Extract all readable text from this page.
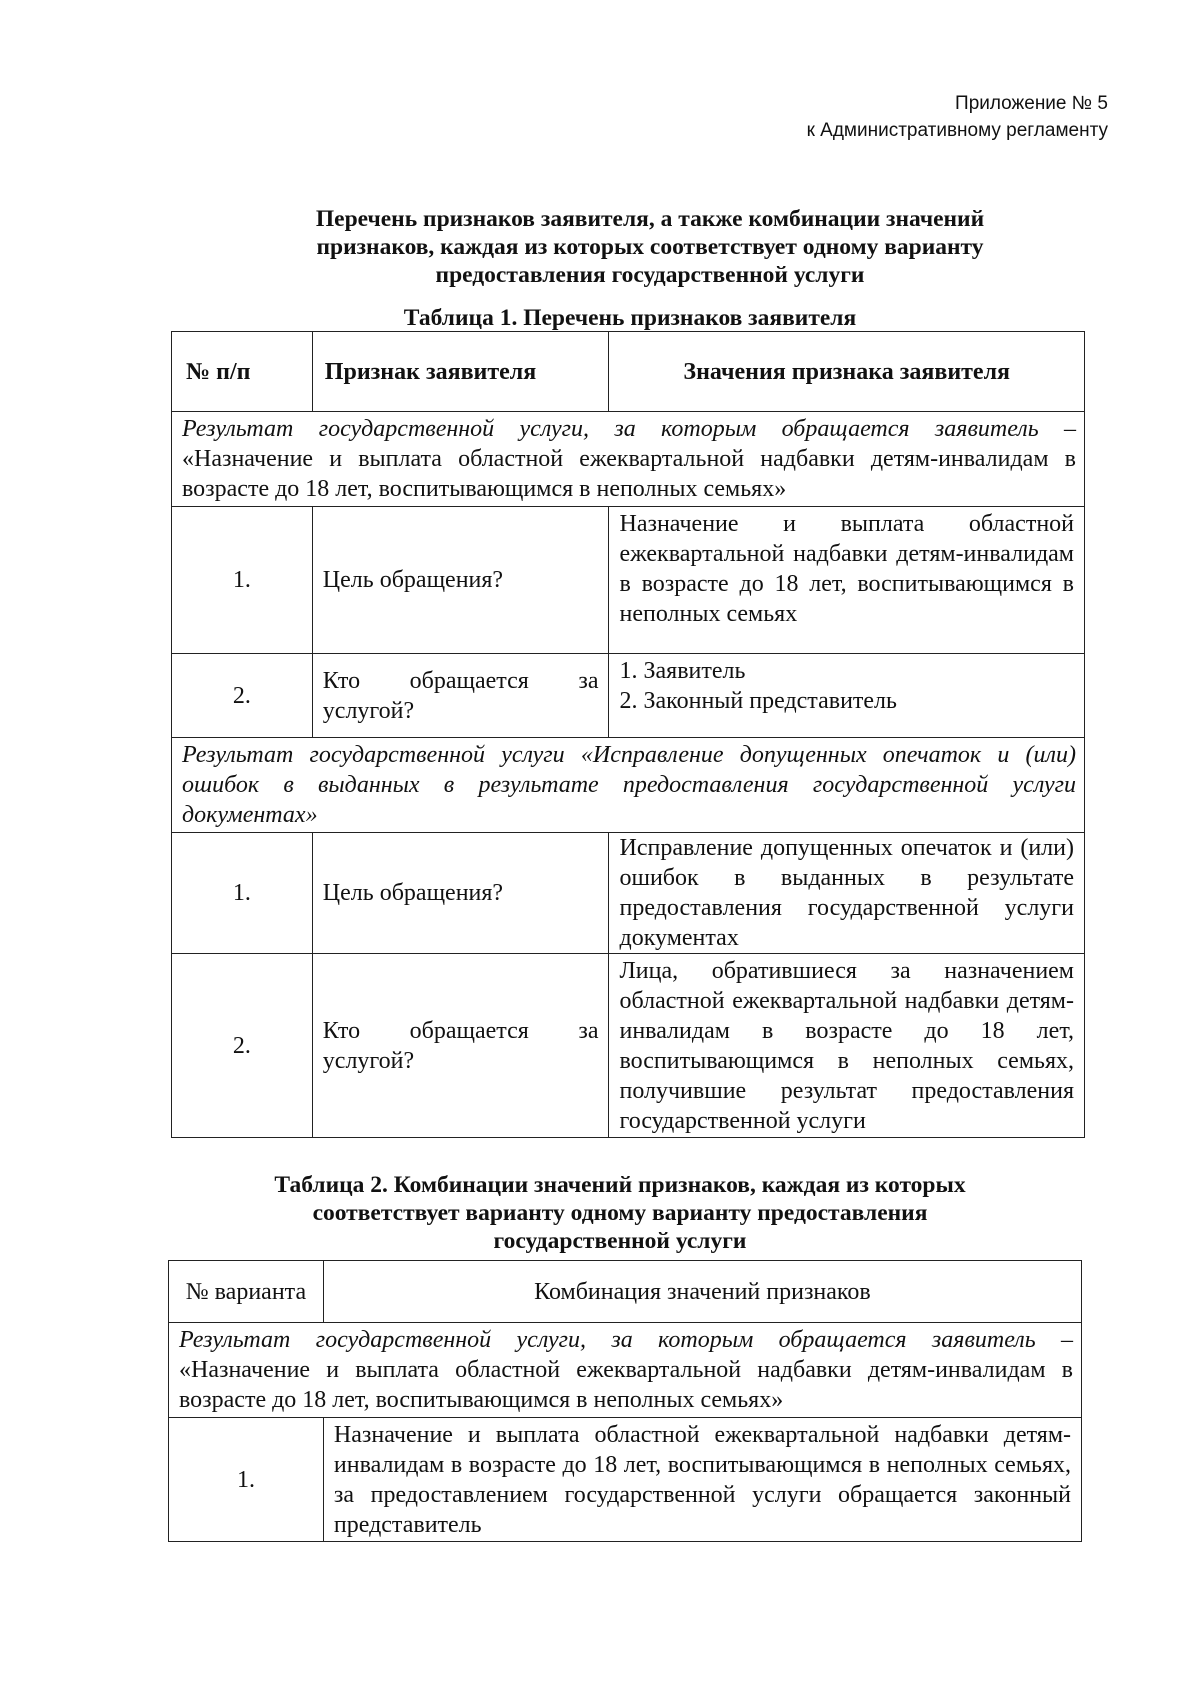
Приложение № 5
к Административному регламенту
Перечень признаков заявителя, а также комбинации значений
признаков, каждая из которых соответствует одному варианту
предоставления государственной услуги
Таблица 1. Перечень признаков заявителя
№ п/п	Признак заявителя	Значения признака заявителя
Результат государственной услуги, за которым обращается заявитель – «Назначение и выплата областной ежеквартальной надбавки детям-инвалидам в возрасте до 18 лет, воспитывающимся в неполных семьях»		
1.	Цель обращения?	Назначение и выплата областной ежеквартальной надбавки детям-инвалидам в возрасте до 18 лет, воспитывающимся в неполных семьях
2.	Кто обращается за услугой?	1. Заявитель
2. Законный представитель

Результат государственной услуги «Исправление допущенных опечаток и (или) ошибок в выданных в результате предоставления государственной услуги документах»		
1.	Цель обращения?	Исправление допущенных опечаток и (или) ошибок в выданных в результате предоставления государственной услуги документах
2.	Кто обращается за услугой?	Лица, обратившиеся за назначением областной ежеквартальной надбавки детям-инвалидам в возрасте до 18 лет, воспитывающимся в неполных семьях, получившие результат предоставления государственной услуги
Таблица 2. Комбинации значений признаков, каждая из которых
соответствует варианту одному варианту предоставления
государственной услуги
№ варианта	Комбинация значений признаков
Результат государственной услуги, за которым обращается заявитель – «Назначение и выплата областной ежеквартальной надбавки детям-инвалидам в возрасте до 18 лет, воспитывающимся в неполных семьях»	
1.	Назначение и выплата областной ежеквартальной надбавки детям-инвалидам в возрасте до 18 лет, воспитывающимся в неполных семьях, за предоставлением государственной услуги обращается законный представитель
